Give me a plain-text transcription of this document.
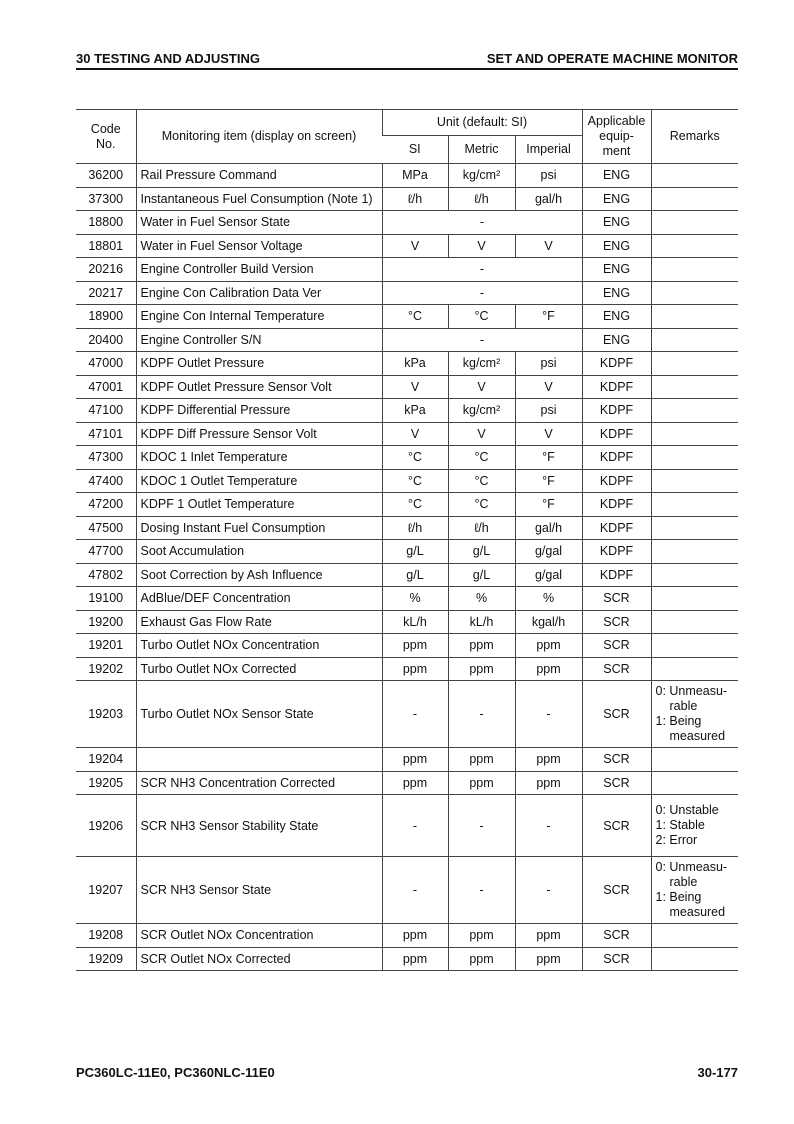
30 TESTING AND ADJUSTING	SET AND OPERATE MACHINE MONITOR
Code No.	Monitoring item (display on screen)	Unit (default: SI)			Applicable equip- ment	Remarks
		SI	Metric	Imperial		
36200	Rail Pressure Command	MPa	kg/cm²	psi	ENG	
37300	Instantaneous Fuel Consumption (Note 1)	ℓ/h	ℓ/h	gal/h	ENG	
18800	Water in Fuel Sensor State	-			ENG	
18801	Water in Fuel Sensor Voltage	V	V	V	ENG	
20216	Engine Controller Build Version	-			ENG	
20217	Engine Con Calibration Data Ver	-			ENG	
18900	Engine Con Internal Temperature	°C	°C	°F	ENG	
20400	Engine Controller S/N	-			ENG	
47000	KDPF Outlet Pressure	kPa	kg/cm²	psi	KDPF	
47001	KDPF Outlet Pressure Sensor Volt	V	V	V	KDPF	
47100	KDPF Differential Pressure	kPa	kg/cm²	psi	KDPF	
47101	KDPF Diff Pressure Sensor Volt	V	V	V	KDPF	
47300	KDOC 1 Inlet Temperature	°C	°C	°F	KDPF	
47400	KDOC 1 Outlet Temperature	°C	°C	°F	KDPF	
47200	KDPF 1 Outlet Temperature	°C	°C	°F	KDPF	
47500	Dosing Instant Fuel Consumption	ℓ/h	ℓ/h	gal/h	KDPF	
47700	Soot Accumulation	g/L	g/L	g/gal	KDPF	
47802	Soot Correction by Ash Influence	g/L	g/L	g/gal	KDPF	
19100	AdBlue/DEF Concentration	%	%	%	SCR	
19200	Exhaust Gas Flow Rate	kL/h	kL/h	kgal/h	SCR	
19201	Turbo Outlet NOx Concentration	ppm	ppm	ppm	SCR	
19202	Turbo Outlet NOx Corrected	ppm	ppm	ppm	SCR	
19203	Turbo Outlet NOx Sensor State	-	-	-	SCR	0: Unmeasu-
rable
1: Being
measured

19204		ppm	ppm	ppm	SCR	
19205	SCR NH3 Concentration Corrected	ppm	ppm	ppm	SCR	
19206	SCR NH3 Sensor Stability State	-	-	-	SCR	0: Unstable
1: Stable
2: Error

19207	SCR NH3 Sensor State	-	-	-	SCR	0: Unmeasu-
rable
1: Being
measured

19208	SCR Outlet NOx Concentration	ppm	ppm	ppm	SCR	
19209	SCR Outlet NOx Corrected	ppm	ppm	ppm	SCR	
PC360LC-11E0, PC360NLC-11E0	30-177
